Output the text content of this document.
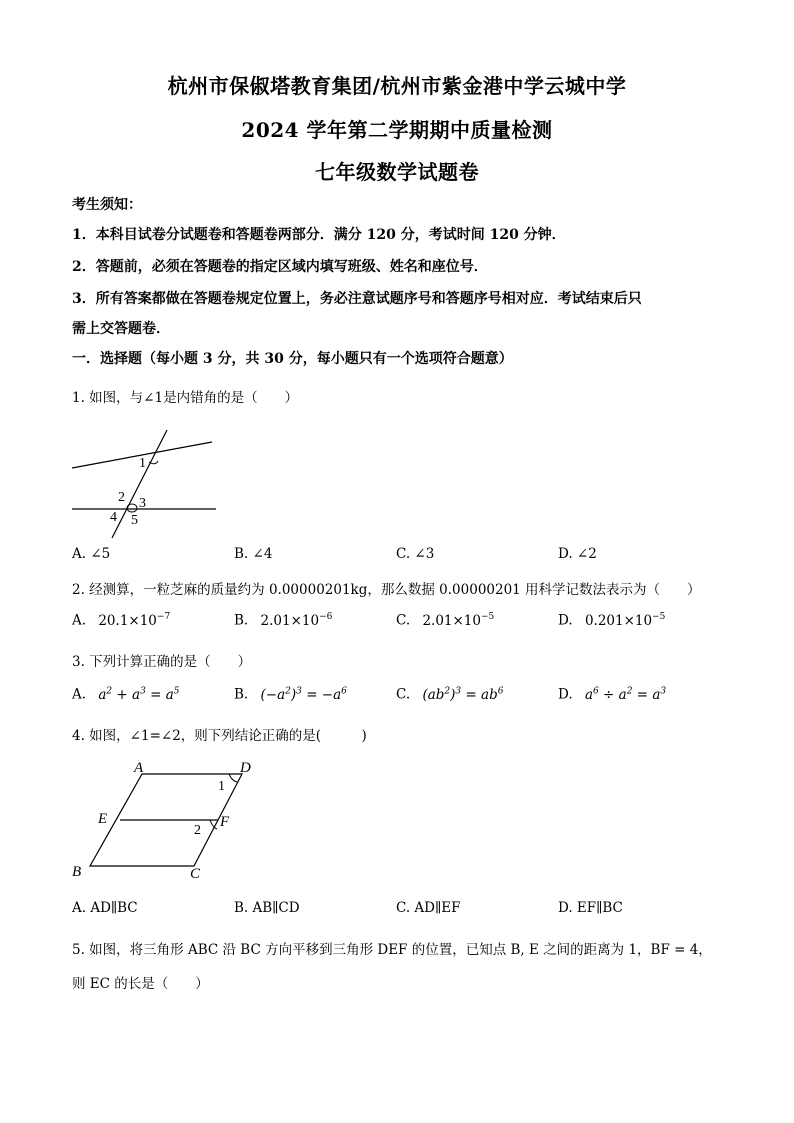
杭州市保俶塔教育集团/杭州市紫金港中学云城中学
2024 学年第二学期期中质量检测
七年级数学试题卷
考生须知：
1．本科目试卷分试题卷和答题卷两部分．满分 120 分，考试时间 120 分钟．
2．答题前，必须在答题卷的指定区域内填写班级、姓名和座位号．
3．所有答案都做在答题卷规定位置上，务必注意试题序号和答题序号相对应．考试结束后只
需上交答题卷．
一．选择题（每小题 3 分，共 30 分，每小题只有一个选项符合题意）
1. 如图，与∠1是内错角的是（　　）
1
2 3
4 5
A. ∠5	B. ∠4	C. ∠3	D. ∠2
2. 经测算，一粒芝麻的质量约为 0.00000201kg，那么数据 0.00000201 用科学记数法表示为（　　）
A. $20.1\times 10^{-7}$	B. $2.01\times 10^{-6}$	C. $2.01\times 10^{-5}$	D. $0.201\times 10^{-5}$
3. 下列计算正确的是（　　）
A. $a^2 + a^3 = a^5$	B. $(-a^2)^3 = -a^6$	C. $(ab^2)^3 = ab^6$	D. $a^6 \div a^2 = a^3$
4. 如图，∠1=∠2，则下列结论正确的是(　　　)
A	D
1
E	F
2
B	C
A. AD∥BC	B. AB∥CD	C. AD∥EF	D. EF∥BC
5. 如图，将三角形 ABC 沿 BC 方向平移到三角形 DEF 的位置，已知点 B, E 之间的距离为 1，BF = 4，
则 EC 的长是（　　）
